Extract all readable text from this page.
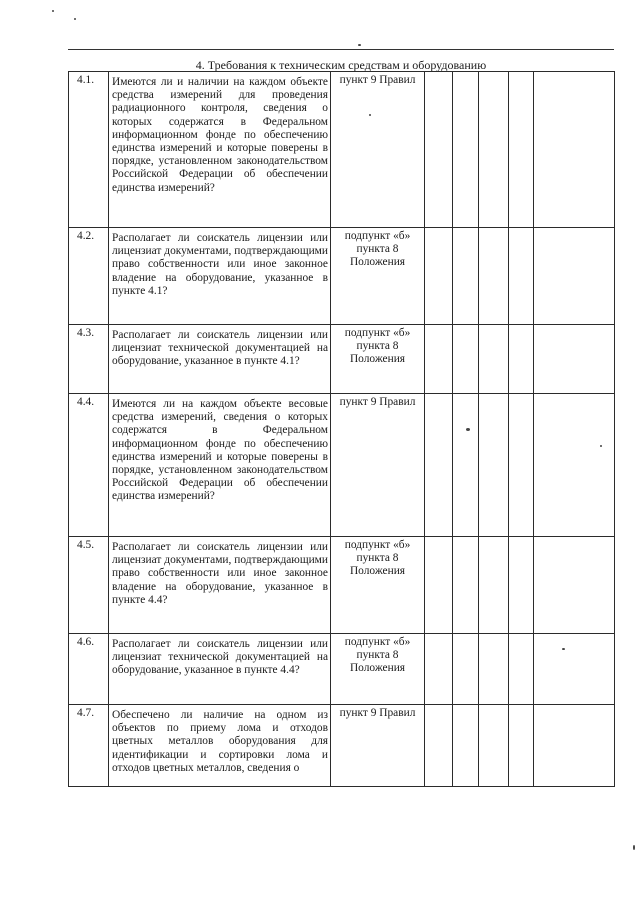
4. Требования к техническим средствам и оборудованию
4.1.	Имеются ли и наличии на каждом объекте средства измерений для проведения радиационного контроля, сведения о которых содержатся в Федеральном информационном фонде по обеспечению единства измерений и которые поверены в порядке, установленном законодательством Российской Федерации об обеспечении единства измерений?	пункт 9 Правил					
4.2.	Располагает ли соискатель лицензии или лицензиат документами, подтверждающими право собственности или иное законное владение на оборудование, указанное в пункте 4.1?	подпункт «б» пункта 8 Положения					
4.3.	Располагает ли соискатель лицензии или лицензиат технической документацией на оборудование, указанное в пункте 4.1?	подпункт «б» пункта 8 Положения					
4.4.	Имеются ли на каждом объекте весовые средства измерений, сведения о которых содержатся в Федеральном информационном фонде по обеспечению единства измерений и которые поверены в порядке, установленном законодательством Российской Федерации об обеспечении единства измерений?	пункт 9 Правил					
4.5.	Располагает ли соискатель лицензии или лицензиат документами, подтверждающими право собственности или иное законное владение на оборудование, указанное в пункте 4.4?	подпункт «б» пункта 8 Положения					
4.6.	Располагает ли соискатель лицензии или лицензиат технической документацией на оборудование, указанное в пункте 4.4?	подпункт «б» пункта 8 Положения					
4.7.	Обеспечено ли наличие на одном из объектов по приему лома и отходов цветных металлов оборудования для идентификации и сортировки лома и отходов цветных металлов, сведения о	пункт 9 Правил					
